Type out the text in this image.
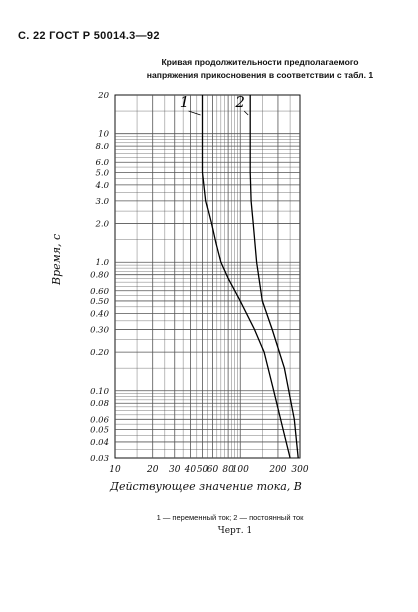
С. 22 ГОСТ Р 50014.3—92
Кривая продолжительности предполагаемого
напряжения прикосновения в соответствии с табл. 1
20
10
8.0
6.0
5.0
4.0
3.0
2.0
1.0
0.80
0.60
0.50
0.40
0.30
0.20
0.10
0.08
0.06
0.05
0.04
0.03
10	20 30 40 50
60 80
100 200 300
1	2
Время, с
Действующее значение тока, В
1 — переменный ток; 2 — постоянный ток
Черт. 1
